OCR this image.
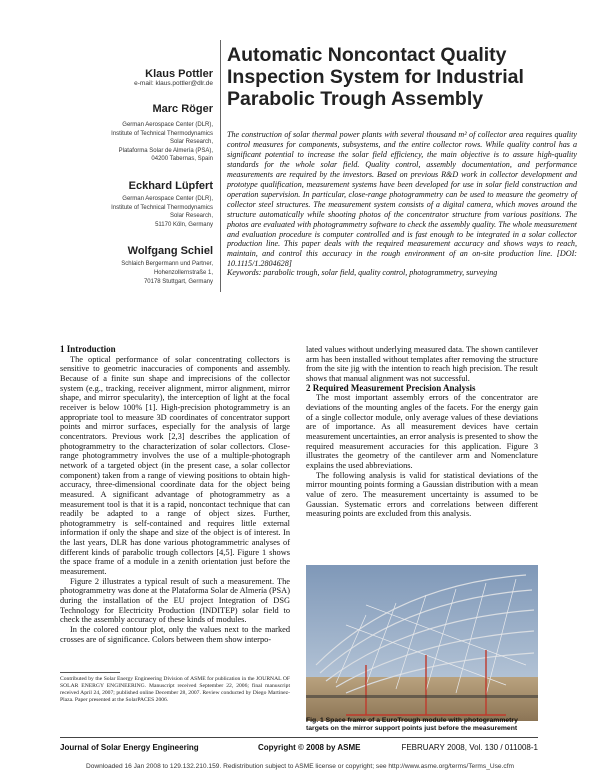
Klaus Pottler
e-mail: klaus.pottler@dlr.de
Marc Röger
German Aerospace Center (DLR),
Institute of Technical Thermodynamics
Solar Research,
Plataforma Solar de Almería (PSA),
04200 Tabernas, Spain
Eckhard Lüpfert
German Aerospace Center (DLR),
Institute of Technical Thermodynamics
Solar Research,
51170 Köln, Germany
Wolfgang Schiel
Schlaich Bergermann und Partner,
Hohenzollernstraße 1,
70178 Stuttgart, Germany
Automatic Noncontact Quality Inspection System for Industrial Parabolic Trough Assembly
The construction of solar thermal power plants with several thousand m² of collector area requires quality control measures for components, subsystems, and the entire collector rows. While quality control has a significant potential to increase the solar field efficiency, the main objective is to assure high-quality standards for the whole solar field. Quality control, assembly documentation, and performance measurements are required by the investors. Based on previous R&D work in collector development and prototype qualification, measurement systems have been developed for use in solar field construction and operation supervision. In particular, close-range photogrammetry can be used to measure the geometry of collector steel structures. The measurement system consists of a digital camera, which moves around the structure automatically while shooting photos of the concentrator structure from various positions. The photos are evaluated with photogrammetry software to check the assembly quality. The whole measurement and evaluation procedure is computer controlled and is fast enough to be integrated in a solar collector production line. This paper deals with the required measurement accuracy and shows ways to reach, maintain, and control this accuracy in the rough environment of an on-site production line. [DOI: 10.1115/1.2804628]
Keywords: parabolic trough, solar field, quality control, photogrammetry, surveying

1 Introduction

The optical performance of solar concentrating collectors is sensitive to geometric inaccuracies of components and assembly. Because of a finite sun shape and imprecisions of the collector system (e.g., tracking, receiver alignment, mirror alignment, mirror shape, and mirror specularity), the interception of light at the focal receiver is below 100% [1]. High-precision photogrammetry is an appropriate tool to measure 3D coordinates of concentrator support points and mirror surfaces, especially for the analysis of large concentrators. Previous work [2,3] describes the application of photogrammetry to the characterization of solar collectors. Close-range photogrammetry involves the use of a multiple-photograph network of a targeted object (in the present case, a solar collector component) taken from a range of viewing positions to obtain high-accuracy, three-dimensional coordinate data for the object being measured. A significant advantage of photogrammetry as a measurement tool is that it is a rapid, noncontact technique that can readily be adapted to a range of object sizes. Further, photogrammetry is self-contained and requires little external information if only the shape and size of the object is of interest. In the last years, DLR has done various photogrammetric analyses of different kinds of parabolic trough collectors [4,5]. Figure 1 shows the space frame of a module in a zenith orientation just before the measurement.

Figure 2 illustrates a typical result of such a measurement. The photogrammetry was done at the Plataforma Solar de Almería (PSA) during the installation of the EU project Integration of DSG Technology for Electricity Production (INDITEP) solar field to check the assembly accuracy of these kinds of modules.

In the colored contour plot, only the values next to the marked crosses are of significance. Colors between them show interpo-

Contributed by the Solar Energy Engineering Division of ASME for publication in the JOURNAL OF SOLAR ENERGY ENGINEERING. Manuscript received September 22, 2006; final manuscript received April 24, 2007; published online December 28, 2007. Review conducted by Diego Martinez-Plaza. Paper presented at the SolarPACES 2006.

lated values without underlying measured data. The shown cantilever arm has been installed without templates after removing the structure from the site jig with the intention to reach high precision. The result shows that manual alignment was not successful.

2 Required Measurement Precision Analysis

The most important assembly errors of the concentrator are deviations of the mounting angles of the facets. For the energy gain of a single collector module, only average values of these deviations are of importance. As all measurement devices have certain measurement uncertainties, an error analysis is presented to show the required measurement accuracies for this application. Figure 3 illustrates the geometry of the cantilever arm and Nomenclature explains the used abbreviations.

The following analysis is valid for statistical deviations of the mirror mounting points forming a Gaussian distribution with a mean value of zero. The measurement uncertainty is assumed to be Gaussian. Systematic errors and correlations between different measuring points are excluded from this analysis.

Fig. 1 Space frame of a EuroTrough module with photogrammetry targets on the mirror support points just before the measurement
Journal of Solar Energy Engineering	Copyright © 2008 by ASME	FEBRUARY 2008, Vol. 130 / 011008-1
Downloaded 16 Jan 2008 to 129.132.210.159. Redistribution subject to ASME license or copyright; see http://www.asme.org/terms/Terms_Use.cfm
